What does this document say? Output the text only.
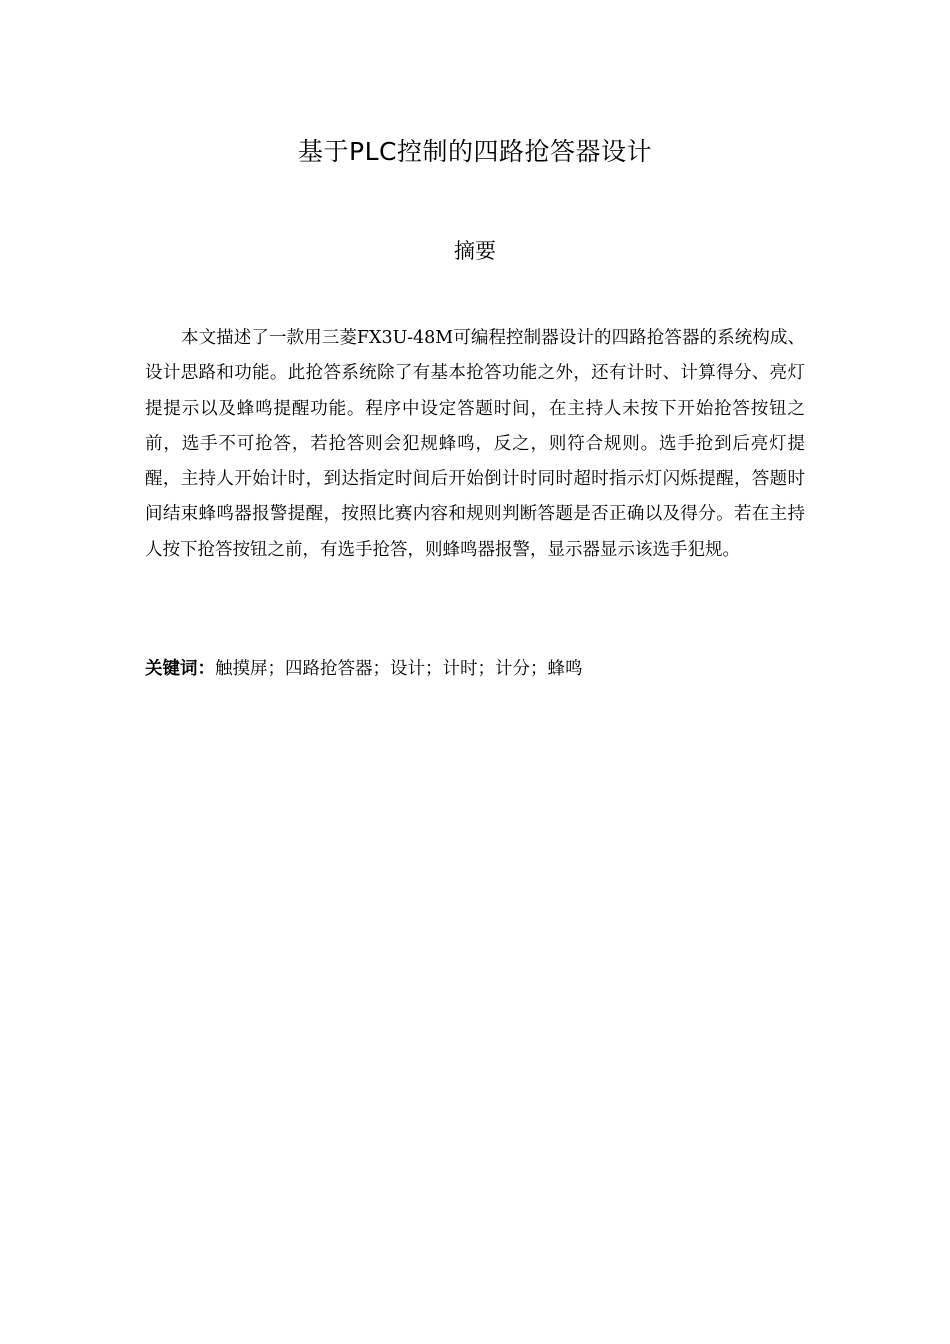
基于PLC控制的四路抢答器设计
摘要

本文描述了一款用三菱FX3U-48M可编程控制器设计的四路抢答器的系统构成、设计思路和功能。此抢答系统除了有基本抢答功能之外，还有计时、计算得分、亮灯提提示以及蜂鸣提醒功能。程序中设定答题时间，在主持人未按下开始抢答按钮之前，选手不可抢答，若抢答则会犯规蜂鸣，反之，则符合规则。选手抢到后亮灯提醒，主持人开始计时，到达指定时间后开始倒计时同时超时指示灯闪烁提醒，答题时间结束蜂鸣器报警提醒，按照比赛内容和规则判断答题是否正确以及得分。若在主持人按下抢答按钮之前，有选手抢答，则蜂鸣器报警，显示器显示该选手犯规。

关键词：触摸屏；四路抢答器；设计；计时；计分；蜂鸣
